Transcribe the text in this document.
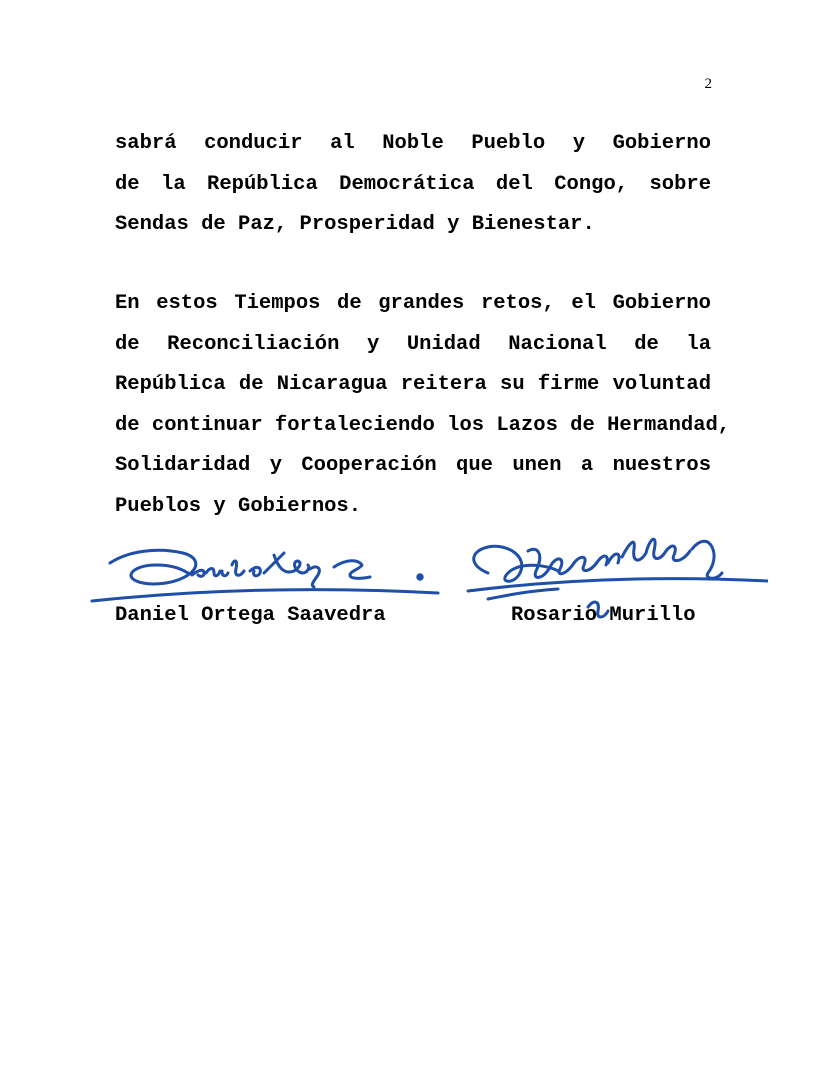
2
sabrá conducir al Noble Pueblo y Gobierno
de la República Democrática del Congo, sobre
Sendas de Paz, Prosperidad y Bienestar.
En estos Tiempos de grandes retos, el Gobierno
de Reconciliación y Unidad Nacional de la
República de Nicaragua reitera su firme voluntad
de continuar fortaleciendo los Lazos de Hermandad,
Solidaridad y Cooperación que unen a nuestros
Pueblos y Gobiernos.
Daniel Ortega Saavedra	Rosario Murillo
